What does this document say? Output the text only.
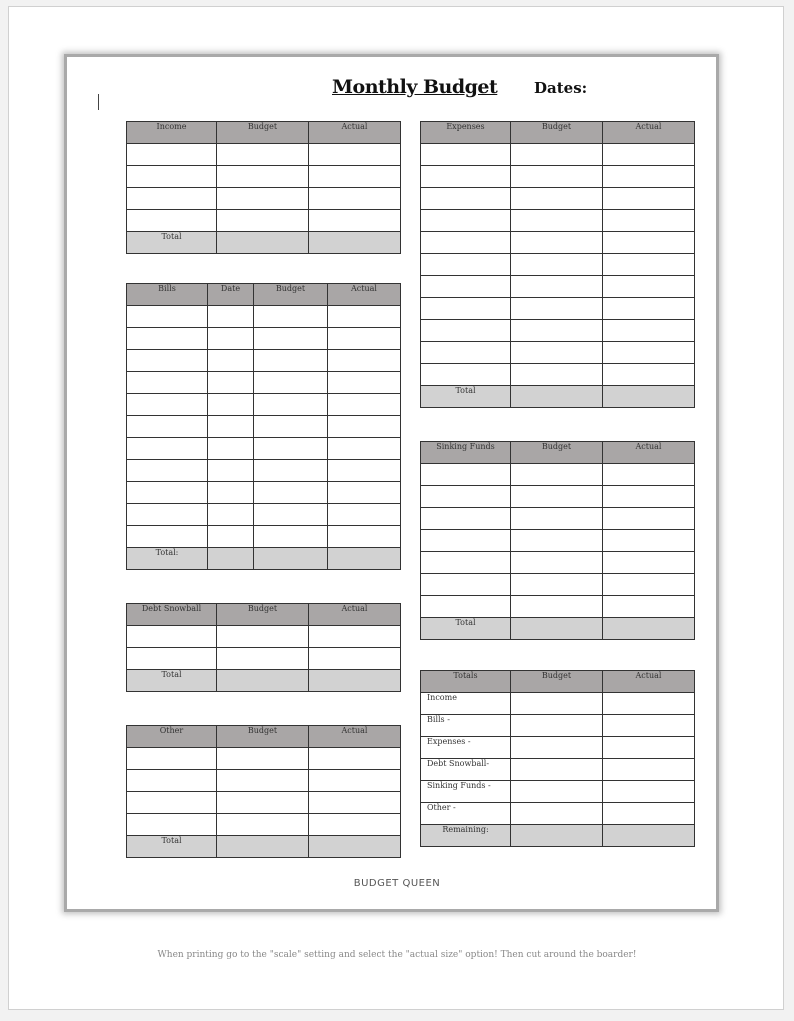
Monthly Budget Dates:
Income	Budget	Actual

Total		
Bills	Date	Budget	Actual

Total:			
Debt Snowball	Budget	Actual

Total		
Other	Budget	Actual

Total		
Expenses	Budget	Actual

Total		
Sinking Funds	Budget	Actual

Total		
Totals	Budget	Actual
Income		
Bills -		
Expenses -		
Debt Snowball-		
Sinking Funds -		
Other -		
Remaining:		
BUDGET QUEEN
When printing go to the "scale" setting and select the "actual size" option! Then cut around the boarder!
